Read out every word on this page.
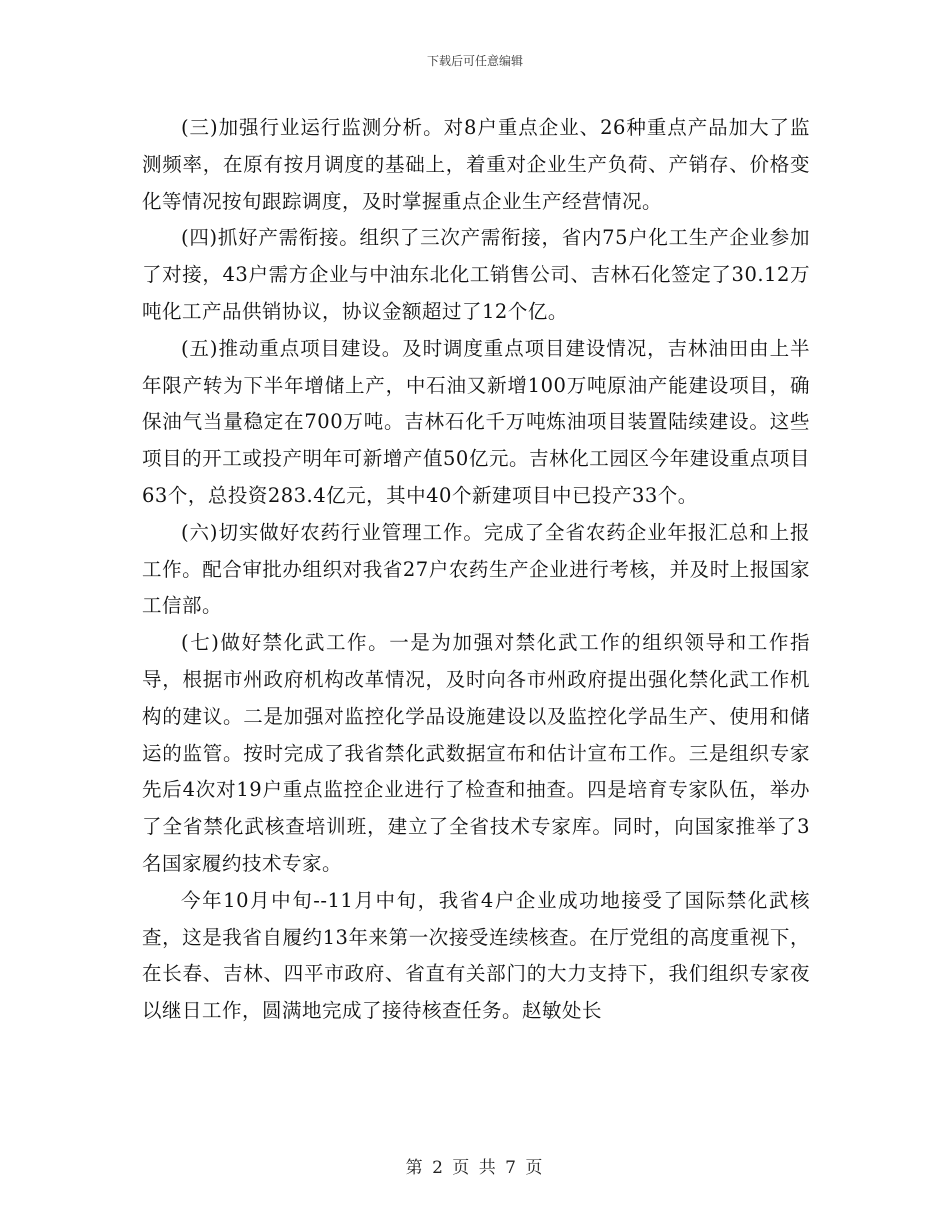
下载后可任意编辑

(三)加强行业运行监测分析。对8户重点企业、26种重点产品加大了监测频率，在原有按月调度的基础上，着重对企业生产负荷、产销存、价格变化等情况按旬跟踪调度，及时掌握重点企业生产经营情况。

(四)抓好产需衔接。组织了三次产需衔接，省内75户化工生产企业参加了对接，43户需方企业与中油东北化工销售公司、吉林石化签定了30.12万吨化工产品供销协议，协议金额超过了12个亿。

(五)推动重点项目建设。及时调度重点项目建设情况，吉林油田由上半年限产转为下半年增储上产，中石油又新增100万吨原油产能建设项目，确保油气当量稳定在700万吨。吉林石化千万吨炼油项目装置陆续建设。这些项目的开工或投产明年可新增产值50亿元。吉林化工园区今年建设重点项目63个，总投资283.4亿元，其中40个新建项目中已投产33个。

(六)切实做好农药行业管理工作。完成了全省农药企业年报汇总和上报工作。配合审批办组织对我省27户农药生产企业进行考核，并及时上报国家工信部。

(七)做好禁化武工作。一是为加强对禁化武工作的组织领导和工作指导，根据市州政府机构改革情况，及时向各市州政府提出强化禁化武工作机构的建议。二是加强对监控化学品设施建设以及监控化学品生产、使用和储运的监管。按时完成了我省禁化武数据宣布和估计宣布工作。三是组织专家先后4次对19户重点监控企业进行了检查和抽查。四是培育专家队伍，举办了全省禁化武核查培训班，建立了全省技术专家库。同时，向国家推举了3名国家履约技术专家。

今年10月中旬--11月中旬，我省4户企业成功地接受了国际禁化武核查，这是我省自履约13年来第一次接受连续核查。在厅党组的高度重视下，在长春、吉林、四平市政府、省直有关部门的大力支持下，我们组织专家夜以继日工作，圆满地完成了接待核查任务。赵敏处长

第 2 页 共 7 页
